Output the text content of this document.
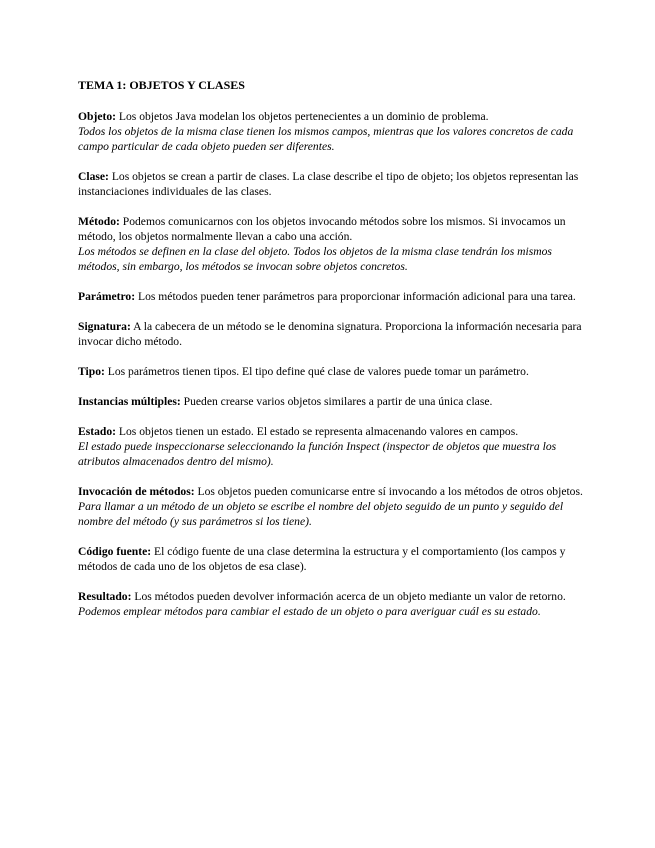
TEMA 1: OBJETOS Y CLASES

Objeto: Los objetos Java modelan los objetos pertenecientes a un dominio de problema.

Todos los objetos de la misma clase tienen los mismos campos, mientras que los valores concretos de cada campo particular de cada objeto pueden ser diferentes.

Clase: Los objetos se crean a partir de clases. La clase describe el tipo de objeto; los objetos representan las instanciaciones individuales de las clases.

Método: Podemos comunicarnos con los objetos invocando métodos sobre los mismos. Si invocamos un método, los objetos normalmente llevan a cabo una acción.

Los métodos se definen en la clase del objeto. Todos los objetos de la misma clase tendrán los mismos métodos, sin embargo, los métodos se invocan sobre objetos concretos.

Parámetro: Los métodos pueden tener parámetros para proporcionar información adicional para una tarea.

Signatura: A la cabecera de un método se le denomina signatura. Proporciona la información necesaria para invocar dicho método.

Tipo: Los parámetros tienen tipos. El tipo define qué clase de valores puede tomar un parámetro.

Instancias múltiples: Pueden crearse varios objetos similares a partir de una única clase.

Estado: Los objetos tienen un estado. El estado se representa almacenando valores en campos.

El estado puede inspeccionarse seleccionando la función Inspect (inspector de objetos que muestra los atributos almacenados dentro del mismo).

Invocación de métodos: Los objetos pueden comunicarse entre sí invocando a los métodos de otros objetos.

Para llamar a un método de un objeto se escribe el nombre del objeto seguido de un punto y seguido del nombre del método (y sus parámetros si los tiene).

Código fuente: El código fuente de una clase determina la estructura y el comportamiento (los campos y métodos de cada uno de los objetos de esa clase).

Resultado: Los métodos pueden devolver información acerca de un objeto mediante un valor de retorno.

Podemos emplear métodos para cambiar el estado de un objeto o para averiguar cuál es su estado.
